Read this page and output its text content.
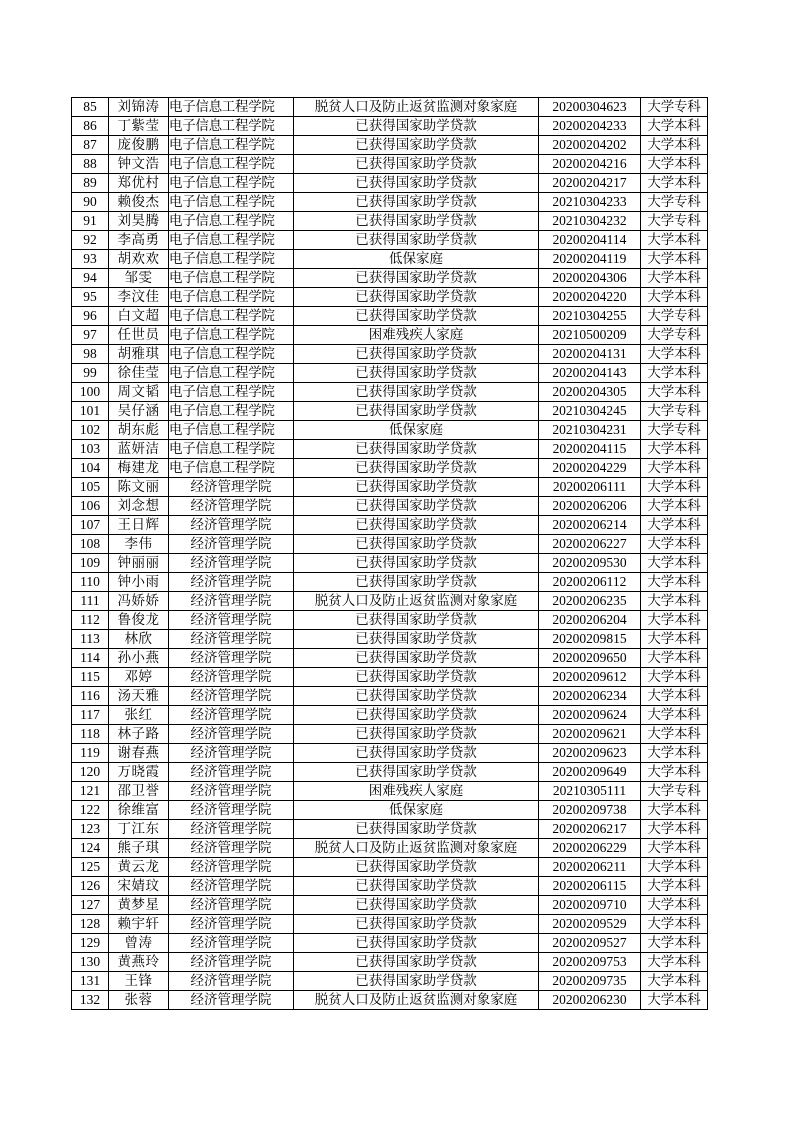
85	刘锦涛	电子信息工程学院	脱贫人口及防止返贫监测对象家庭	20200304623	大学专科
86	丁紫莹	电子信息工程学院	已获得国家助学贷款	20200204233	大学本科
87	庞俊鹏	电子信息工程学院	已获得国家助学贷款	20200204202	大学本科
88	钟文浩	电子信息工程学院	已获得国家助学贷款	20200204216	大学本科
89	郑优村	电子信息工程学院	已获得国家助学贷款	20200204217	大学本科
90	赖俊杰	电子信息工程学院	已获得国家助学贷款	20210304233	大学专科
91	刘昊腾	电子信息工程学院	已获得国家助学贷款	20210304232	大学专科
92	李高勇	电子信息工程学院	已获得国家助学贷款	20200204114	大学本科
93	胡欢欢	电子信息工程学院	低保家庭	20200204119	大学本科
94	邹雯	电子信息工程学院	已获得国家助学贷款	20200204306	大学本科
95	李汶佳	电子信息工程学院	已获得国家助学贷款	20200204220	大学本科
96	白文超	电子信息工程学院	已获得国家助学贷款	20210304255	大学专科
97	任世员	电子信息工程学院	困难残疾人家庭	20210500209	大学专科
98	胡雅琪	电子信息工程学院	已获得国家助学贷款	20200204131	大学本科
99	徐佳莹	电子信息工程学院	已获得国家助学贷款	20200204143	大学本科
100	周文韬	电子信息工程学院	已获得国家助学贷款	20200204305	大学本科
101	吴仔涵	电子信息工程学院	已获得国家助学贷款	20210304245	大学专科
102	胡东彪	电子信息工程学院	低保家庭	20210304231	大学专科
103	蓝妍洁	电子信息工程学院	已获得国家助学贷款	20200204115	大学本科
104	梅建龙	电子信息工程学院	已获得国家助学贷款	20200204229	大学本科
105	陈文丽	经济管理学院	已获得国家助学贷款	20200206111	大学本科
106	刘念想	经济管理学院	已获得国家助学贷款	20200206206	大学本科
107	王日辉	经济管理学院	已获得国家助学贷款	20200206214	大学本科
108	李伟	经济管理学院	已获得国家助学贷款	20200206227	大学本科
109	钟丽丽	经济管理学院	已获得国家助学贷款	20200209530	大学本科
110	钟小雨	经济管理学院	已获得国家助学贷款	20200206112	大学本科
111	冯娇娇	经济管理学院	脱贫人口及防止返贫监测对象家庭	20200206235	大学本科
112	鲁俊龙	经济管理学院	已获得国家助学贷款	20200206204	大学本科
113	林欣	经济管理学院	已获得国家助学贷款	20200209815	大学本科
114	孙小燕	经济管理学院	已获得国家助学贷款	20200209650	大学本科
115	邓婷	经济管理学院	已获得国家助学贷款	20200209612	大学本科
116	汤天雅	经济管理学院	已获得国家助学贷款	20200206234	大学本科
117	张红	经济管理学院	已获得国家助学贷款	20200209624	大学本科
118	林子路	经济管理学院	已获得国家助学贷款	20200209621	大学本科
119	谢春燕	经济管理学院	已获得国家助学贷款	20200209623	大学本科
120	万晓霞	经济管理学院	已获得国家助学贷款	20200209649	大学本科
121	邵卫誉	经济管理学院	困难残疾人家庭	20210305111	大学专科
122	徐维富	经济管理学院	低保家庭	20200209738	大学本科
123	丁江东	经济管理学院	已获得国家助学贷款	20200206217	大学本科
124	熊子琪	经济管理学院	脱贫人口及防止返贫监测对象家庭	20200206229	大学本科
125	黄云龙	经济管理学院	已获得国家助学贷款	20200206211	大学本科
126	宋婧玟	经济管理学院	已获得国家助学贷款	20200206115	大学本科
127	黄梦星	经济管理学院	已获得国家助学贷款	20200209710	大学本科
128	赖宇轩	经济管理学院	已获得国家助学贷款	20200209529	大学本科
129	曾涛	经济管理学院	已获得国家助学贷款	20200209527	大学本科
130	黄燕玲	经济管理学院	已获得国家助学贷款	20200209753	大学本科
131	王锋	经济管理学院	已获得国家助学贷款	20200209735	大学本科
132	张蓉	经济管理学院	脱贫人口及防止返贫监测对象家庭	20200206230	大学本科
